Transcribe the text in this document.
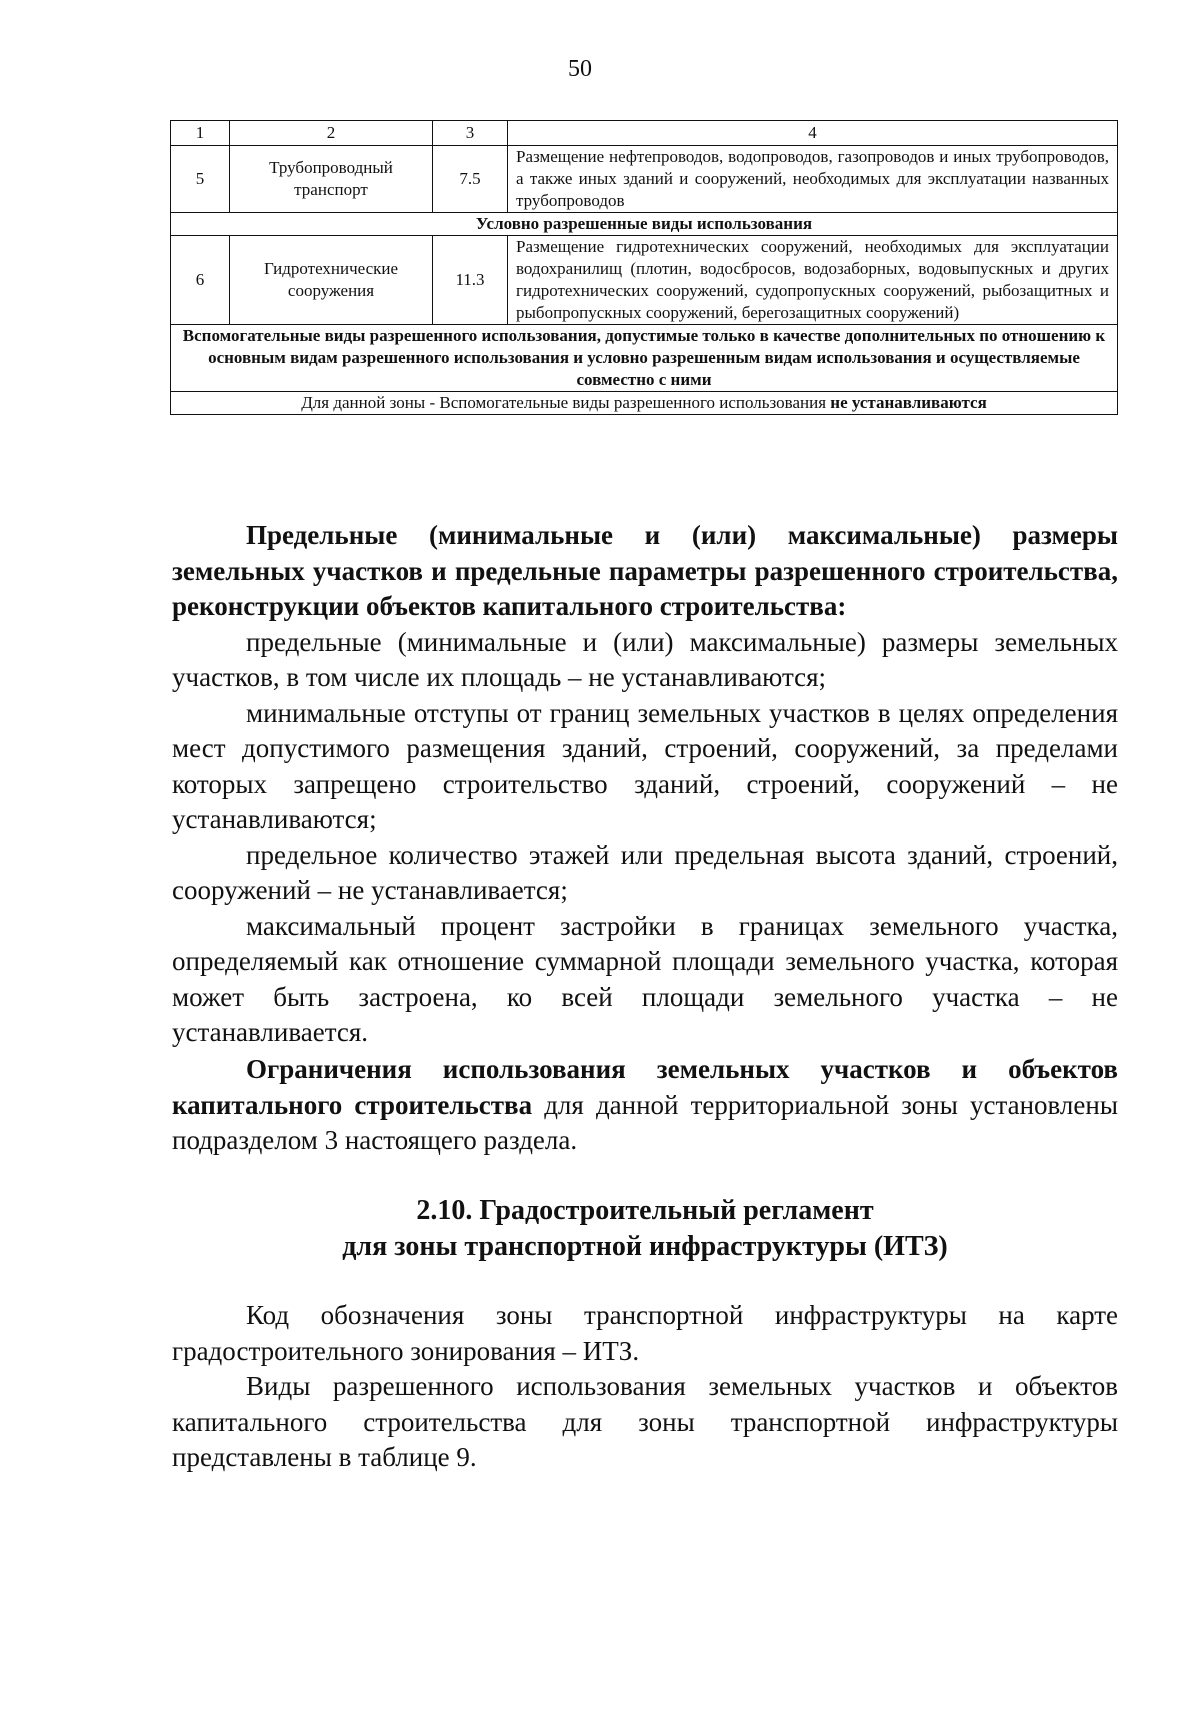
50
1	2	3	4
5	Трубопроводный транспорт	7.5	Размещение нефтепроводов, водопроводов, газопроводов и иных трубопроводов, а также иных зданий и сооружений, необходимых для эксплуатации названных трубопроводов
Условно разрешенные виды использования			
6	Гидротехнические сооружения	11.3	Размещение гидротехнических сооружений, необходимых для эксплуатации водохранилищ (плотин, водосбросов, водозаборных, водовыпускных и других гидротехнических сооружений, судопропускных сооружений, рыбозащитных и рыбопропускных сооружений, берегозащитных сооружений)
Вспомогательные виды разрешенного использования, допустимые только в качестве дополнительных по отношению к основным видам разрешенного использования и условно разрешенным видам использования и осуществляемые совместно с ними			
Для данной зоны - Вспомогательные виды разрешенного использования не устанавливаются			

Предельные (минимальные и (или) максимальные) размеры земельных участков и предельные параметры разрешенного строительства, реконструкции объектов капитального строительства:

предельные (минимальные и (или) максимальные) размеры земельных участков, в том числе их площадь – не устанавливаются;

минимальные отступы от границ земельных участков в целях определения мест допустимого размещения зданий, строений, сооружений, за пределами которых запрещено строительство зданий, строений, сооружений – не устанавливаются;

предельное количество этажей или предельная высота зданий, строений, сооружений – не устанавливается;

максимальный процент застройки в границах земельного участка, определяемый как отношение суммарной площади земельного участка, которая может быть застроена, ко всей площади земельного участка – не устанавливается.

Ограничения использования земельных участков и объектов капитального строительства для данной территориальной зоны установлены подразделом 3 настоящего раздела.

2.10. Градостроительный регламент
для зоны транспортной инфраструктуры (ИТЗ)

Код обозначения зоны транспортной инфраструктуры на карте градостроительного зонирования – ИТЗ.

Виды разрешенного использования земельных участков и объектов капитального строительства для зоны транспортной инфраструктуры представлены в таблице 9.
